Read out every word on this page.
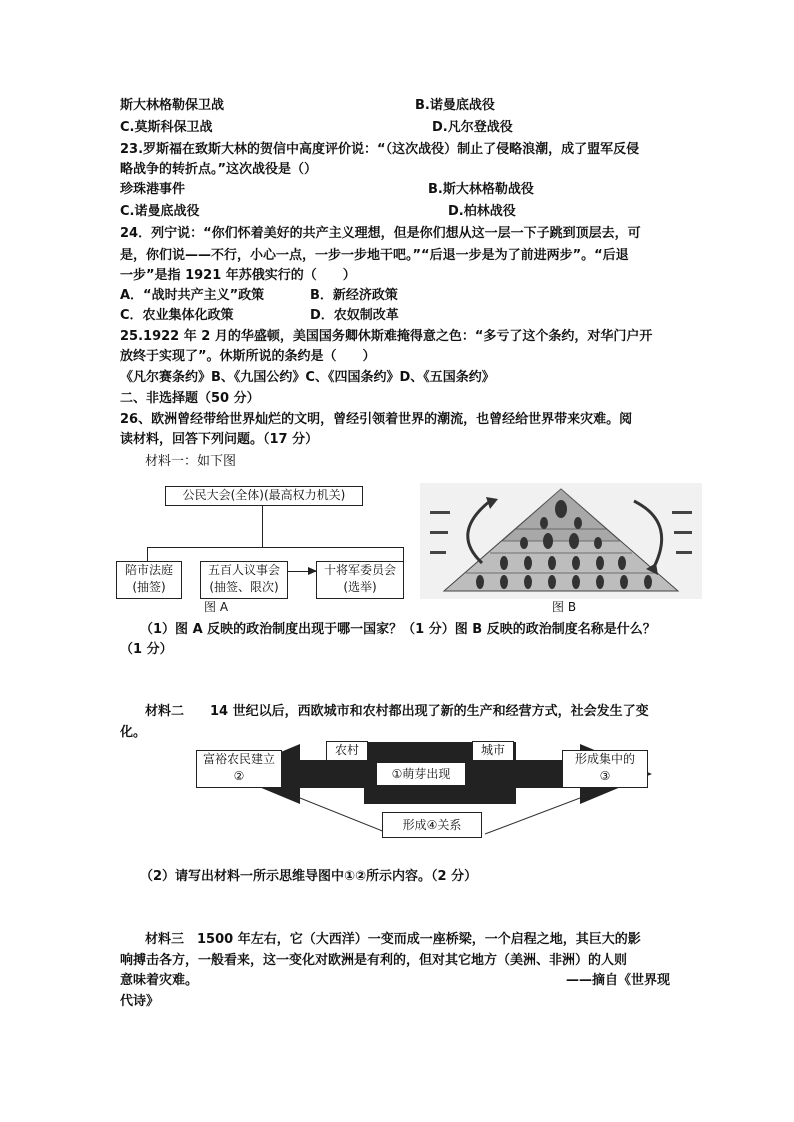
斯大林格勒保卫战	B.诺曼底战役
C.莫斯科保卫战	D.凡尔登战役
23.罗斯福在致斯大林的贺信中高度评价说：“（这次战役）制止了侵略浪潮，成了盟军反侵
略战争的转折点。”这次战役是（）
珍珠港事件	B.斯大林格勒战役
C.诺曼底战役	D.柏林战役
24．列宁说：“你们怀着美好的共产主义理想，但是你们想从这一层一下子跳到顶层去，可
是，你们说——不行，小心一点，一步一步地干吧。”“后退一步是为了前进两步”。“后退
一步”是指 1921 年苏俄实行的（　　）
A．“战时共产主义”政策	B．新经济政策
C．农业集体化政策	D．农奴制改革
25.1922 年 2 月的华盛顿，美国国务卿休斯难掩得意之色：“多亏了这个条约，对华门户开
放终于实现了”。休斯所说的条约是（　　）
《凡尔赛条约》B、《九国公约》C、《四国条约》D、《五国条约》
二、非选择题（50 分）
26、欧洲曾经带给世界灿烂的文明，曾经引领着世界的潮流，也曾经给世界带来灾难。阅
读材料，回答下列问题。（17 分）
材料一：如下图
公民大会(全体)(最高权力机关)
陪市法庭
(抽签)
五百人议事会
(抽签、限次)
十将军委员会
(选举)
图 A	图 B
（1）图 A 反映的政治制度出现于哪一国家？（1 分）图 B 反映的政治制度名称是什么？
（1 分）
材料二　　14 世纪以后，西欧城市和农村都出现了新的生产和经营方式，社会发生了变
化。
农村	城市
①萌芽出现
富裕农民建立
②
形成集中的
③
形成④关系
（2）请写出材料一所示思维导图中①②所示内容。（2 分）
材料三　1500 年左右，它（大西洋）一变而成一座桥梁，一个启程之地，其巨大的影
响搏击各方，一般看来，这一变化对欧洲是有利的，但对其它地方（美洲、非洲）的人则
意味着灾难。	——摘自《世界现
代诗》
